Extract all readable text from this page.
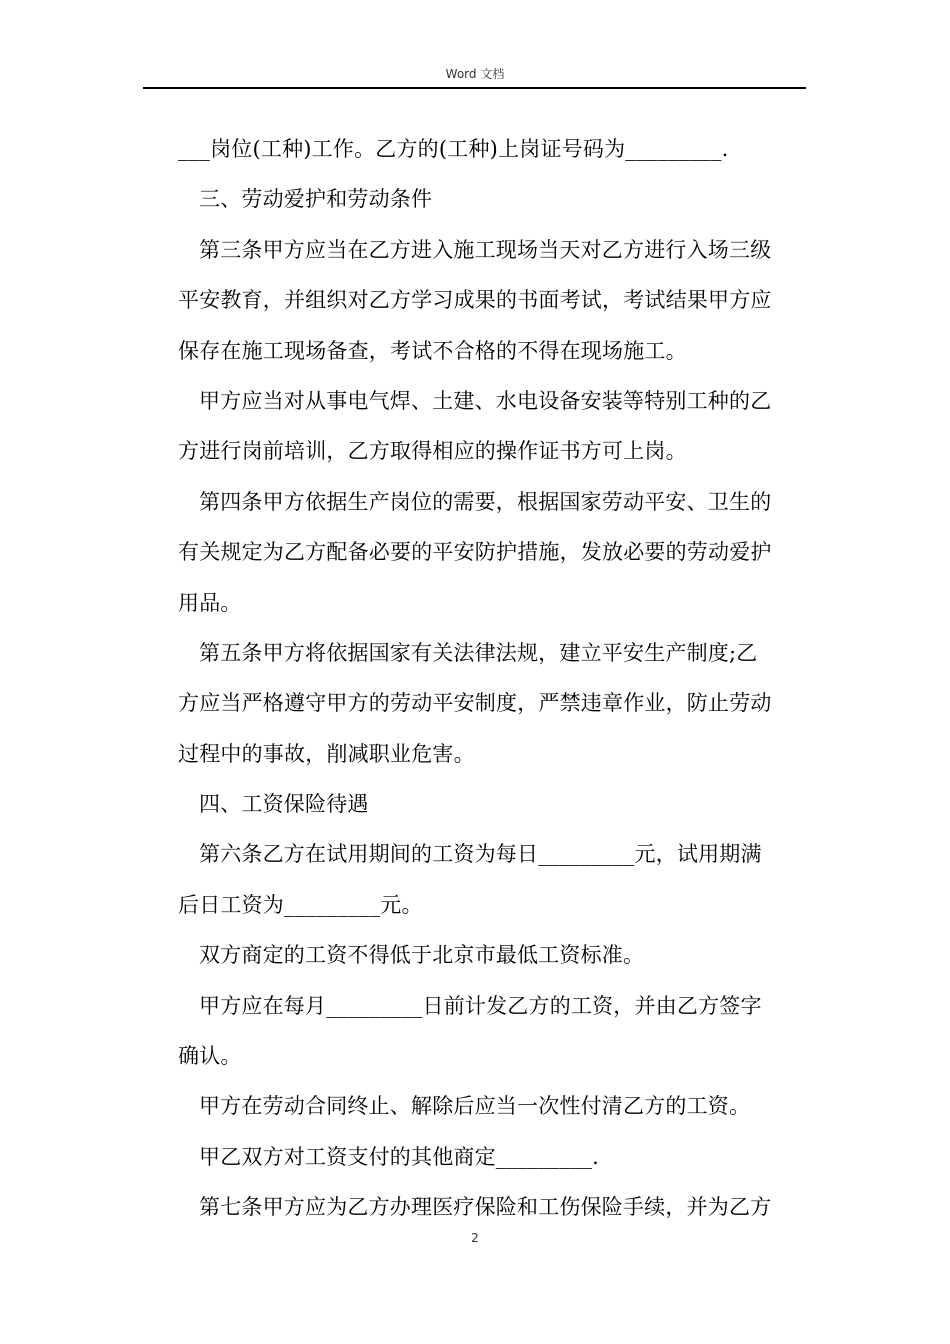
Word 文档
___岗位(工种)工作。乙方的(工种)上岗证号码为_________.
三、劳动爱护和劳动条件
第三条甲方应当在乙方进入施工现场当天对乙方进行入场三级
平安教育，并组织对乙方学习成果的书面考试，考试结果甲方应
保存在施工现场备查，考试不合格的不得在现场施工。
甲方应当对从事电气焊、土建、水电设备安装等特别工种的乙
方进行岗前培训，乙方取得相应的操作证书方可上岗。
第四条甲方依据生产岗位的需要，根据国家劳动平安、卫生的
有关规定为乙方配备必要的平安防护措施，发放必要的劳动爱护
用品。
第五条甲方将依据国家有关法律法规，建立平安生产制度;乙
方应当严格遵守甲方的劳动平安制度，严禁违章作业，防止劳动
过程中的事故，削减职业危害。
四、工资保险待遇
第六条乙方在试用期间的工资为每日_________元，试用期满
后日工资为_________元。
双方商定的工资不得低于北京市最低工资标准。
甲方应在每月_________日前计发乙方的工资，并由乙方签字
确认。
甲方在劳动合同终止、解除后应当一次性付清乙方的工资。
甲乙双方对工资支付的其他商定_________.
第七条甲方应为乙方办理医疗保险和工伤保险手续，并为乙方
2
